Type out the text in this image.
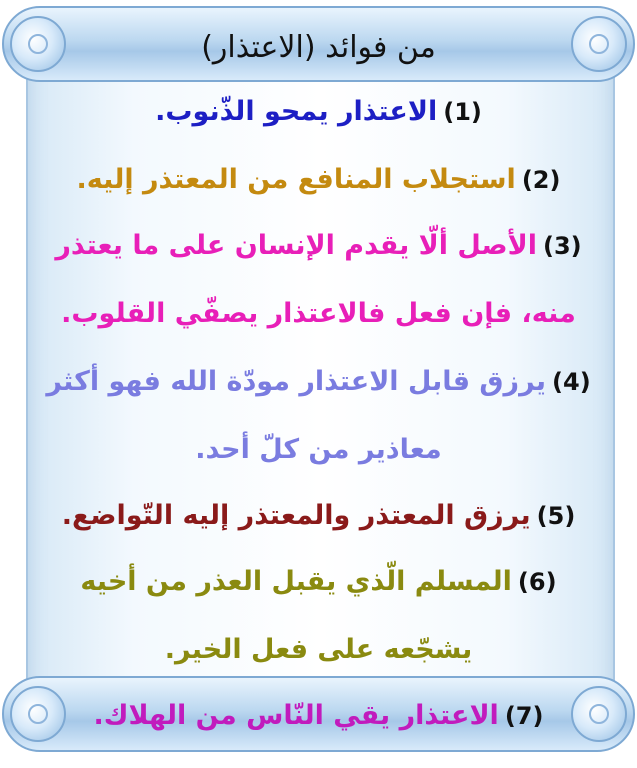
من فوائد (الاعتذار)
(1)الاعتذار يمحو الذّنوب.
(2)استجلاب المنافع من المعتذر إليه.
(3)الأصل ألّا يقدم الإنسان على ما يعتذر
منه، فإن فعل فالاعتذار يصفّي القلوب.
(4)يرزق قابل الاعتذار مودّة الله فهو أكثر
معاذير من كلّ أحد.
(5)يرزق المعتذر والمعتذر إليه التّواضع.
(6)المسلم الّذي يقبل العذر من أخيه
يشجّعه على فعل الخير.
(7)الاعتذار يقي النّاس من الهلاك.
